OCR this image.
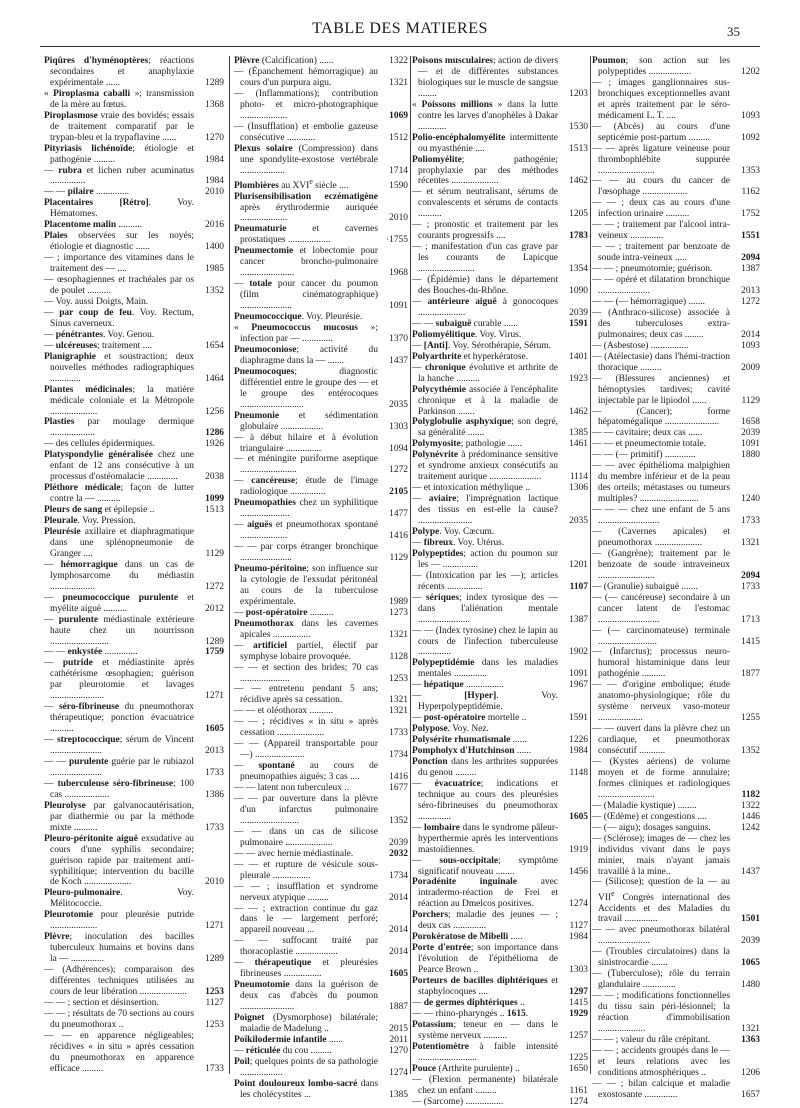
TABLE DES MATIERES	35
Piqûres d'hyménoptères; réactions secondaires et anaphylaxie expérimentale ......	1289
« Piroplasma caballi »; transmission de la mère au fœtus.	1368
Piroplasmose vraie des bovidés; essais de traitement comparatif par le trypan-bleu et la trypaflavine ......	1270
Pityriasis lichénoïde; étiologie et pathogénie .........	1984
— rubra et lichen ruber acuminatus ...............	1984
— — pilaire ..............	2010
Placentaires [Rétro]. Voy. Hématomes.
Placentome malin ..........	2016
Plaies observées sur les noyés; étiologie et diagnostic ......	1400
— ; importance des vitamines dans le traitement des — ....	1985
— œsophagiennes et trachéales par os de poulet ..........	1352
— Voy. aussi Doigts, Main.
— par coup de feu. Voy. Rectum, Sinus caverneux.
— pénétrantes. Voy. Genou.
— ulcéreuses; traitement ....	1654
Planigraphie et soustraction; deux nouvelles méthodes radiographiques .............	1464
Plantes médicinales; la matière médicale coloniale et la Métropole ....................	1256
Plasties par moulage dermique ...................	1286
— des cellules épidermiques.	1926
Platyspondylie généralisée chez une enfant de 12 ans consécutive à un processus d'ostéomalacie .............	2038
Pléthore médicale; façon de lutter contre la — ..........	1099
Pleurs de sang et épilepsie ..	1513
Pleurale. Voy. Pression.
Pleurésie axillaire et diaphragmatique dans une splénopneumonie de Granger ....	1129
— hémorragique dans un cas de lymphosarcome du médiastin ...................	1272
— pneumococcique purulente et myélite aiguë ..........	2012
— purulente médiastinale extérieure haute chez un nourrisson .........................	1289
— — enkystée ..............	1759
— putride et médiastinite après cathétérisme œsophagien; guérison par pleurotomie et lavages .......................	1271
— séro-fibrineuse du pneumothorax thérapeutique; ponction évacuatrice ..........	1605
— streptococcique; sérum de Vincent ......................	2013
— — purulente guérie par le rubiazol ......................	1733
— tuberculeuse séro-fibrineuse; 100 cas ...................	1386
Pleurolyse par galvanocautérisation, par diathermie ou par la méthode mixte ..........	1733
Pleuro-péritonite aiguë exsudative au cours d'une syphilis secondaire; guérison rapide par traitement anti-syphilitique; intervention du bacille de Koch ....................	2010
Pleuro-pulmonaire. Voy. Mélitococcie.
Pleurotomie pour pleurésie putride ....................	1271
Plèvre; inoculation des bacilles tuberculeux humains et bovins dans la — ..............	1289
— (Adhérences); comparaison des différentes techniques utilisées au cours de leur libération ....................	1253
— — ; section et désinsertion.	1127
— — ; résultats de 70 sections au cours du pneumothorax ..	1253
— — en apparence négligeables; récidives « in situ » après cessation du pneumothorax en apparence efficace .........	1733
Plèvre (Calcification) ......	1322
— (Épanchement hémorragique) au cours d'un purpura aigu.	1321
— (Inflammations); contribution photo- et micro-photographique ....................	1069
— (Insufflation) et embolie gazeuse consécutive ............	1512
Plexus solaire (Compression) dans une spondylite-exostose vertébrale ...................	1714
Plombières au XVIe siècle ....	1590
Plurisensibilisation eczématigène après érythrodermie auriquée ....................	2010
Pneumaturie et cavernes prostatiques ..................	·1755
Pneumectomie et lobectomie pour cancer broncho-pulmonaire .......................	1968
— totale pour cancer du poumon (film cinématographique) ......................	1091
Pneumococcique. Voy. Pleurésie.
« Pneumococcus mucosus »; infection par — .............	1370
Pneumoconiose; activité du diaphragme dans la — .......	1437
Pneumocoques; diagnostic différentiel entre le groupe des — et le groupe des entérocoques ...........................	2035
Pneumonie et sédimentation globulaire ..................	1303
— à début hilaire et à évolution triangulaire ...............	1094
— et méningite puriforme aseptique ........................	1272
— cancéreuse; étude de l'image radiologique ...............	2105
Pneumopathies chez un syphilitique .....................	1477
— aiguës et pneumothorax spontané ....................	1416
— — par corps étranger bronchique ......................	1129
Pneumo-péritoine; son influence sur la cytologie de l'exsudat péritonéal au cours de la tuberculose expérimentale.	1989
— post-opératoire ..........	1273
Pneumothorax dans les cavernes apicales ................	1321
— artificiel partiel, électif par symphyse lobaire provoquée.	1128
— — et section des brides; 70 cas .....................	1253
— — entretenu pendant 5 ans; récidive après sa cessation.	1321
— — et oléothorax ..........	1321
— — ; récidives « in situ » après cessation ....................	1733
— — (Appareil transportable pour —) .....................	1734
— spontané au cours de pneumopathies aiguës; 3 cas ....	1416
— — latent non tuberculeux ..	1677
— — par ouverture dans la plèvre d'un infarctus pulmonaire .........................	1352
— — dans un cas de silicose pulmonaire ....................	2039
— — avec hernie médiastinale.	2032
— — et rupture de vésicule sous-pleurale ................	1734
— — ; insufflation et syndrome nerveux atypique .........	2014
— — ; extraction continue du gaz dans le — largement perforé; appareil nouveau ...	2014
— — suffocant traité par thoracoplastie ..................	2014
— thérapeutique et pleurésies fibrineuses ................	1605
Pneumotomie dans la guérison de deux cas d'abcès du poumon .......................	1887
Poignet (Dysmorphose) bilatérale; maladie de Madelung ..	2015
Poïkilodermie infantile ......	2011
— réticulée du cou .........	1270
Poil; quelques points de sa pathologie ..................	1274
Point douloureux lombo-sacré dans les cholécystites ...	1385
Poisons musculaires; action de divers — et de différentes substances biologiques sur le muscle de sangsue ........	1203
« Poissons millions » dans la lutte contre les larves d'anophèles à Dakar ............	1530
Polio-encéphalomyélite intermittente ou myasthénie ....	1513
Poliomyélite; pathogénie; prophylaxie par des méthodes récentes ....................	1462
— et sérum neutralisant, sérums de convalescents et sérums de contacts ..........	1205
— ; pronostic et traitement par les courants progressifs ....	1783
— ; manifestation d'un cas grave par les courants de Lapicque ........................	1354
— (Épidémie) dans le département des Bouches-du-Rhône.	1090
— antérieure aiguë à gonocoques ....................	2039
— — subaiguë curable ......	1591
Poliomyélitique. Voy. Virus.
— [Anti]. Voy. Sérothérapie, Sérum.
Polyarthrite et hyperkératose.	1401
— chronique évolutive et arthrite de la hanche ..........	1923
Polycythémie associée à l'encéphalite chronique et à la maladie de Parkinson .......	1462
Polyglobulie asphyxique; son degré, sa généralité .......	1385
Polymyosite; pathologie ......	1461
Polynévrite à prédominance sensitive et syndrome anxieux consécutifs au traitement aurique ......................	1114
— et intoxication méthylique ..	1306
— aviaire; l'imprégnation lactique des tissus en est-elle la cause? .......................	2035
Polype. Voy. Cæcum.
— fibreux. Voy. Utérus.
Polypeptides; action du poumon sur les — ...............	1201
— (Intoxication par les —); articles récents ...............	1107
— sériques; index tyrosique des — dans l'aliénation mentale ......................	1387
— — (Index tyrosine) chez le lapin au cours de l'infection tuberculeuse ..............	1902
Polypeptidémie dans les maladies mentales ..............	1091
— hépatique ................	1967
— [Hyper]. Voy. Hyperpolypeptidémie.
— post-opératoire mortelle ..	1591
Polypose. Voy. Nez.
Polysérite rhumatismale ......	1226
Pompholyx d'Hutchinson ......	1984
Ponction dans les arthrites suppurées du genou .........	1148
— évacuatrice; indications et technique au cours des pleurésies séro-fibrineuses du pneumothorax ..............	1605
— lombaire dans le syndrome pâleur-hyperthermie après les interventions mastoïdiennes.	1919
— sous-occipitale; symptôme significatif nouveau ........	1456
Poradénite inguinale avec intradermo-réaction de Frei et réaction au Dmelcos positives.	1274
Porchers; maladie des jeunes — ; deux cas ..............	1127
Porokératose de Mibelli .....	1984
Porte d'entrée; son importance dans l'évolution de l'épithélioma de Pearce Brown ..	1303
Porteurs de bacilles diphtériques et staphylocoques ....	1297
— de germes diphtériques ..	1415
— — rhino-pharyngés .. 1615.	1929
Potassium; teneur en — dans le système nerveux ..........	1257
Potentiomètre à faible intensité .........................	1225
Pouce (Arthrite purulente) ..	1650
— (Flexion permanente) bilatérale chez un enfant .........	1161
— (Sarcome) ................	1274
Poumon; son action sur les polypeptides ..................	1202
— ; images ganglionnaires sus-bronchiques exceptionnelles avant et après traitement par le séro-médicament L. T. ....	1093
— (Abcès) au cours d'une septicémie post-partum .........	1092
— — après ligature veineuse pour thrombophlébite suppurée ........................	1353
— — au cours du cancer de l'œsophage ...................	1162
— — ; deux cas au cours d'une infection urinaire ..........	1752
— — ; traitement par l'alcool intra-veineux ..............	1551
— — ; traitement par benzoate de soude intra-veineux .....	2094
— — ; pneumotomie; guérison.	1387
— — opéré et dilatation bronchique ......................	2013
— — (— hémorragique) .......	1272
— (Anthraco-silicose) associée à des tuberculoses extra-pulmonaires; deux cas ........	2014
— (Asbestose) ................	1093
— (Atélectasie) dans l'hémi-traction thoracique .........	2009
— (Blessures anciennes) et hémoptysies tardives; cavité injectable par le lipiodol ......	1129
— (Cancer); forme hépatomégalique .......................	1658
— — cavitaire; deux cas ......	2039
— — et pneumectomie totale.	1091
— — (— primitif) .............	1880
— — avec épithélioma malpighien du membre inférieur et de la peau des orteils; métastases ou tumeurs multiples? .........................	1240
— — — chez une enfant de 5 ans ..........................	1733
— (Cavernes apicales) et pneumothorax ....................	1321
— (Gangrène); traitement par le benzoate de soude intraveineux ........................	2094
— (Granulie) subaiguë .......	1733
— (— cancéreuse) secondaire à un cancer latent de l'estomac ..........................	1713
— (— carcinomateuse) terminale .........................	1415
— (Infarctus); processus neuro-humoral histaminique dans leur pathogénie ..........	1877
— — d'origine embolique; étude anatomo-physiologique; rôle du système nerveux vaso-moteur ...................	1255
— — ouvert dans la plèvre chez un cardiaque, et pneumothorax consécutif ...........	1352
— (Kystes aériens) de volume moyen et de forme annulaire; formes cliniques et radiologiques ........................	1182
— (Maladie kystique) ........	1322
— (Œdème) et congestions ....	1446
— (— aigu); dosages sanguins.	1242
— (Sclérose); images de — chez les individus vivant dans le pays minier, mais n'ayant jamais travaillé à la mine..	1437
— (Silicose); question de la — au VIIe Congrès international des Accidents et des Maladies du travail ..............	1501
— — avec pneumothorax bilatéral ......................	2039
— (Troubles circulatoires) dans la sinistrocardie .......	1065
— (Tuberculose); rôle du terrain glandulaire ..............	1480
— — ; modifications fonctionnelles du tissu sain péri-lésionnel; la réaction d'immobilisation ....................	1321
— — ; valeur du râle crépitant.	1363
— — ; accidents groupés dans le — et leurs relations avec les conditions atmosphériques ..	1206
— — ; bilan calcique et maladie exostosante ..............	1657
